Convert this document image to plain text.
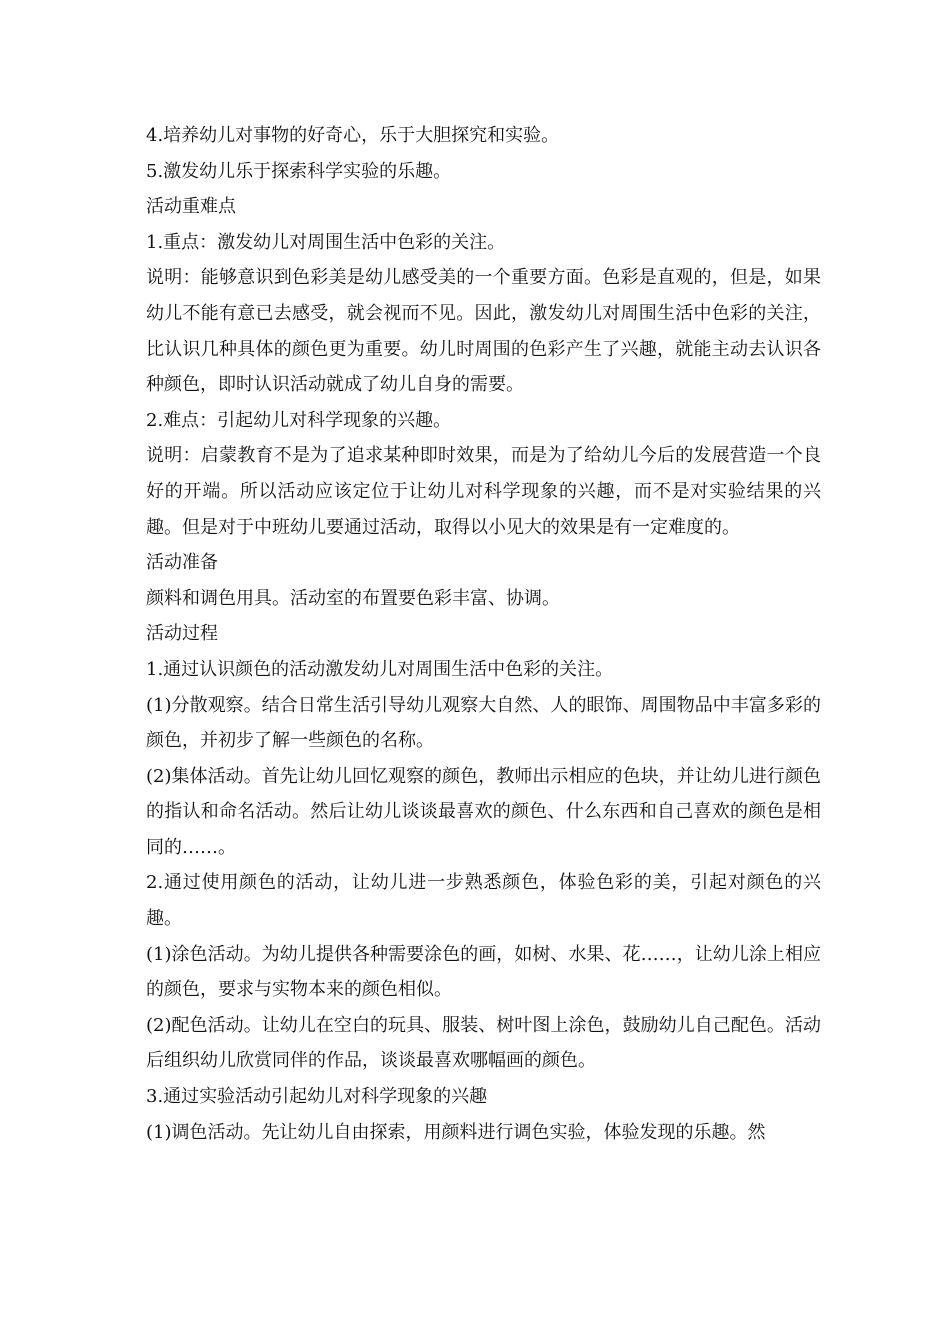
4.培养幼儿对事物的好奇心，乐于大胆探究和实验。

5.激发幼儿乐于探索科学实验的乐趣。

活动重难点

1.重点：激发幼儿对周围生活中色彩的关注。

说明：能够意识到色彩美是幼儿感受美的一个重要方面。色彩是直观的，但是，如果幼儿不能有意已去感受，就会视而不见。因此，激发幼儿对周围生活中色彩的关注，比认识几种具体的颜色更为重要。幼儿时周围的色彩产生了兴趣，就能主动去认识各种颜色，即时认识活动就成了幼儿自身的需要。

2.难点：引起幼儿对科学现象的兴趣。

说明：启蒙教育不是为了追求某种即时效果，而是为了给幼儿今后的发展营造一个良好的开端。所以活动应该定位于让幼儿对科学现象的兴趣，而不是对实验结果的兴趣。但是对于中班幼儿要通过活动，取得以小见大的效果是有一定难度的。

活动准备

颜料和调色用具。活动室的布置要色彩丰富、协调。

活动过程

1.通过认识颜色的活动激发幼儿对周围生活中色彩的关注。

(1)分散观察。结合日常生活引导幼儿观察大自然、人的眼饰、周围物品中丰富多彩的颜色，并初步了解一些颜色的名称。

(2)集体活动。首先让幼儿回忆观察的颜色，教师出示相应的色块，并让幼儿进行颜色的指认和命名活动。然后让幼儿谈谈最喜欢的颜色、什么东西和自己喜欢的颜色是相同的……。

2.通过使用颜色的活动，让幼儿进一步熟悉颜色，体验色彩的美，引起对颜色的兴趣。

(1)涂色活动。为幼儿提供各种需要涂色的画，如树、水果、花……，让幼儿涂上相应的颜色，要求与实物本来的颜色相似。

(2)配色活动。让幼儿在空白的玩具、服装、树叶图上涂色，鼓励幼儿自己配色。活动后组织幼儿欣赏同伴的作品，谈谈最喜欢哪幅画的颜色。

3.通过实验活动引起幼儿对科学现象的兴趣

(1)调色活动。先让幼儿自由探索，用颜料进行调色实验，体验发现的乐趣。然
